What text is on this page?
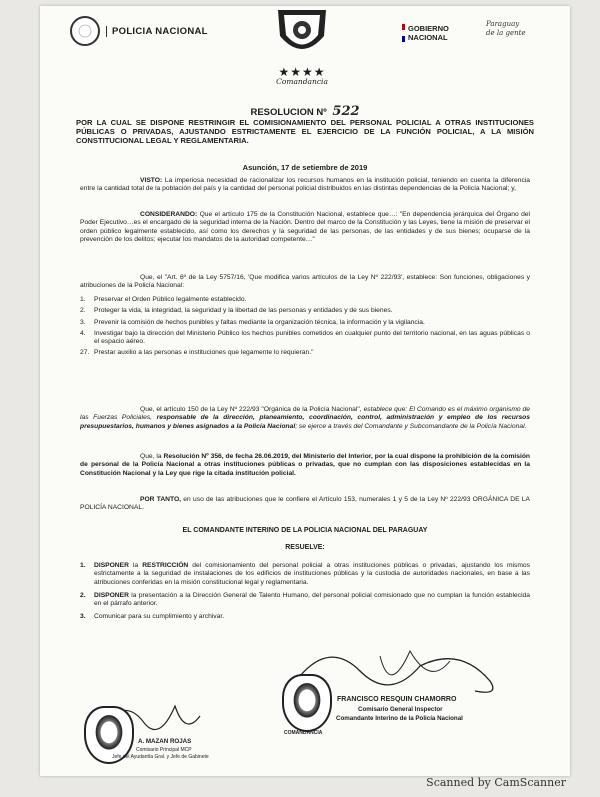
POLICIA NACIONAL
★★★★
Comandancia
GOBIERNO
NACIONAL
Paraguay
de la gente
RESOLUCION Nº 522
POR LA CUAL SE DISPONE RESTRINGIR EL COMISIONAMIENTO DEL PERSONAL POLICIAL A OTRAS INSTITUCIONES PÚBLICAS O PRIVADAS, AJUSTANDO ESTRICTAMENTE EL EJERCICIO DE LA FUNCIÓN POLICIAL, A LA MISIÓN CONSTITUCIONAL LEGAL Y REGLAMENTARIA.
Asunción, 17 de setiembre de 2019
VISTO: La imperiosa necesidad de racionalizar los recursos humanos en la institución policial, teniendo en cuenta la diferencia entre la cantidad total de la población del país y la cantidad del personal policial distribuidos en las distintas dependencias de la Policía Nacional; y,
CONSIDERANDO: Que el artículo 175 de la Constitución Nacional, establece que…: "En dependencia jerárquica del Órgano del Poder Ejecutivo…es el encargado de la seguridad interna de la Nación. Dentro del marco de la Constitución y las Leyes, tiene la misión de preservar el orden público legalmente establecido, así como los derechos y la seguridad de las personas, de las entidades y de sus bienes; ocuparse de la prevención de los delitos; ejecutar los mandatos de la autoridad competente…"
Que, el "Art. 6º de la Ley 5757/16, 'Que modifica varios artículos de la Ley Nº 222/93', establece: Son funciones, obligaciones y atribuciones de la Policía Nacional:
1.	Preservar el Orden Público legalmente establecido.
2.	Proteger la vida, la integridad, la seguridad y la libertad de las personas y entidades y de sus bienes.
3.	Prevenir la comisión de hechos punibles y faltas mediante la organización técnica, la información y la vigilancia.
4.	Investigar bajo la dirección del Ministerio Público los hechos punibles cometidos en cualquier punto del territorio nacional, en las aguas públicas o el espacio aéreo.
27. Prestar auxilio a las personas e instituciones que legamente lo requieran."
Que, el artículo 150 de la Ley Nº 222/93 "Orgánica de la Policía Nacional", establece que: El Comando es el máximo organismo de las Fuerzas Policiales, responsable de la dirección, planeamiento, coordinación, control, administración y empleo de los recursos presupuestarios, humanos y bienes asignados a la Policía Nacional; se ejerce a través del Comandante y Subcomandante de la Policía Nacional.
Que, la Resolución Nº 356, de fecha 26.06.2019, del Ministerio del Interior, por la cual dispone la prohibición de la comisión de personal de la Policía Nacional a otras instituciones públicas o privadas, que no cumplan con las disposiciones establecidas en la Constitución Nacional y la Ley que rige la citada institución policial.
POR TANTO, en uso de las atribuciones que le confiere el Artículo 153, numerales 1 y 5 de la Ley Nº 222/93 ORGÁNICA DE LA POLICÍA NACIONAL.
EL COMANDANTE INTERINO DE LA POLICIA NACIONAL DEL PARAGUAY
RESUELVE:
1.	DISPONER la RESTRICCIÓN del comisionamiento del personal policial a otras instituciones públicas o privadas, ajustando los mismos estrictamente a la seguridad de instalaciones de los edificios de instituciones públicas y la custodia de autoridades nacionales, en base a las atribuciones conferidas en la misión constitucional legal y reglamentaria.
2.	DISPONER la presentación a la Dirección General de Talento Humano, del personal policial comisionado que no cumplan la función establecida en el párrafo anterior.
3.	Comunicar para su cumplimiento y archivar.
COMANDANCIA
FRANCISCO RESQUIN CHAMORRO
Comisario General Inspector
Comandante Interino de la Policía Nacional
A. MAZAN ROJAS
Comisario Principal MCP
Jefe del Ayudantía Gral. y Jefe de Gabinete
Scanned by CamScanner
